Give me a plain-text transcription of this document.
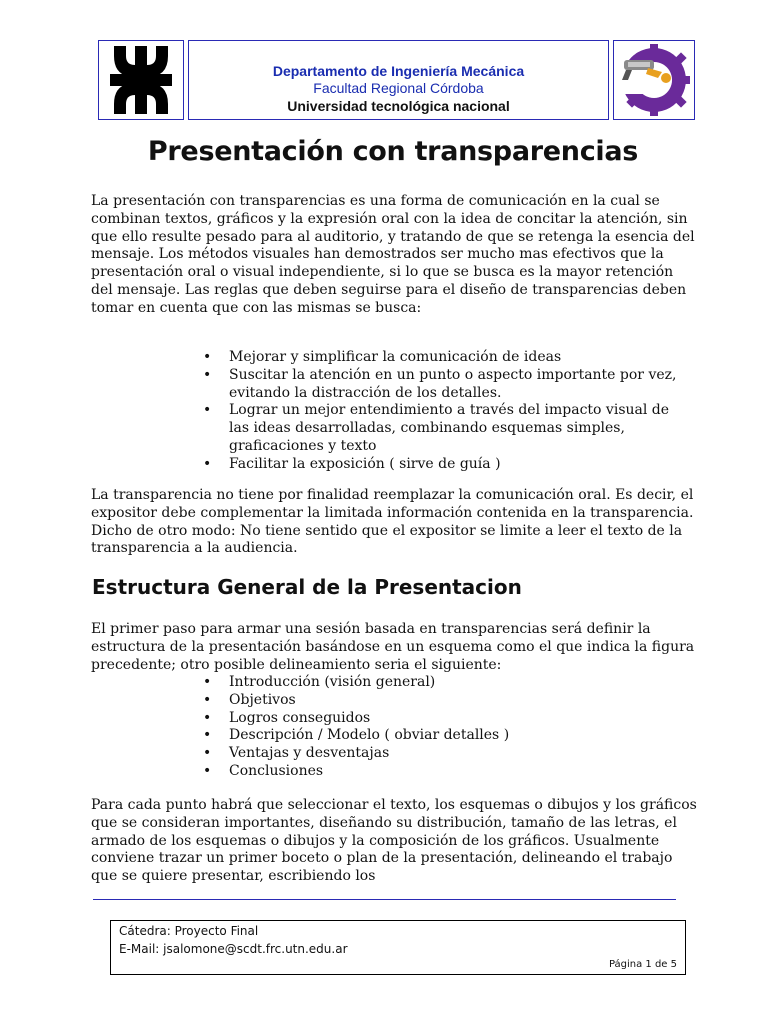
Departamento de Ingeniería Mecánica
Facultad Regional Córdoba
Universidad tecnológica nacional
Presentación con transparencias

La presentación con transparencias es una forma de comunicación en la cual se combinan textos, gráficos y la expresión oral con la idea de concitar la atención, sin que ello resulte pesado para al auditorio, y tratando de que se retenga la esencia del mensaje. Los métodos visuales han demostrados ser mucho mas efectivos que la presentación oral o visual independiente, si lo que se busca es la mayor retención del mensaje. Las reglas que deben seguirse para el diseño de transparencias deben tomar en cuenta que con las mismas se busca:

• Mejorar y simplificar la comunicación de ideas
• Suscitar la atención en un punto o aspecto importante por vez, evitando la distracción de los detalles.
• Lograr un mejor entendimiento a través del impacto visual de las ideas desarrolladas, combinando esquemas simples, graficaciones y texto
• Facilitar la exposición ( sirve de guía )

La transparencia no tiene por finalidad reemplazar la comunicación oral. Es decir, el expositor debe complementar la limitada información contenida en la transparencia. Dicho de otro modo: No tiene sentido que el expositor se limite a leer el texto de la transparencia a la audiencia.

Estructura General de la Presentacion

El primer paso para armar una sesión basada en transparencias será definir la estructura de la presentación basándose en un esquema como el que indica la figura precedente; otro posible delineamiento seria el siguiente:

• Introducción (visión general)
• Objetivos
• Logros conseguidos
• Descripción / Modelo ( obviar detalles )
• Ventajas y desventajas
• Conclusiones

Para cada punto habrá que seleccionar el texto, los esquemas o dibujos y los gráficos que se consideran importantes, diseñando su distribución, tamaño de las letras, el armado de los esquemas o dibujos y la composición de los gráficos. Usualmente conviene trazar un primer boceto o plan de la presentación, delineando el trabajo que se quiere presentar, escribiendo los

Cátedra: Proyecto Final
E-Mail: jsalomone@scdt.frc.utn.edu.ar
Página 1 de 5
